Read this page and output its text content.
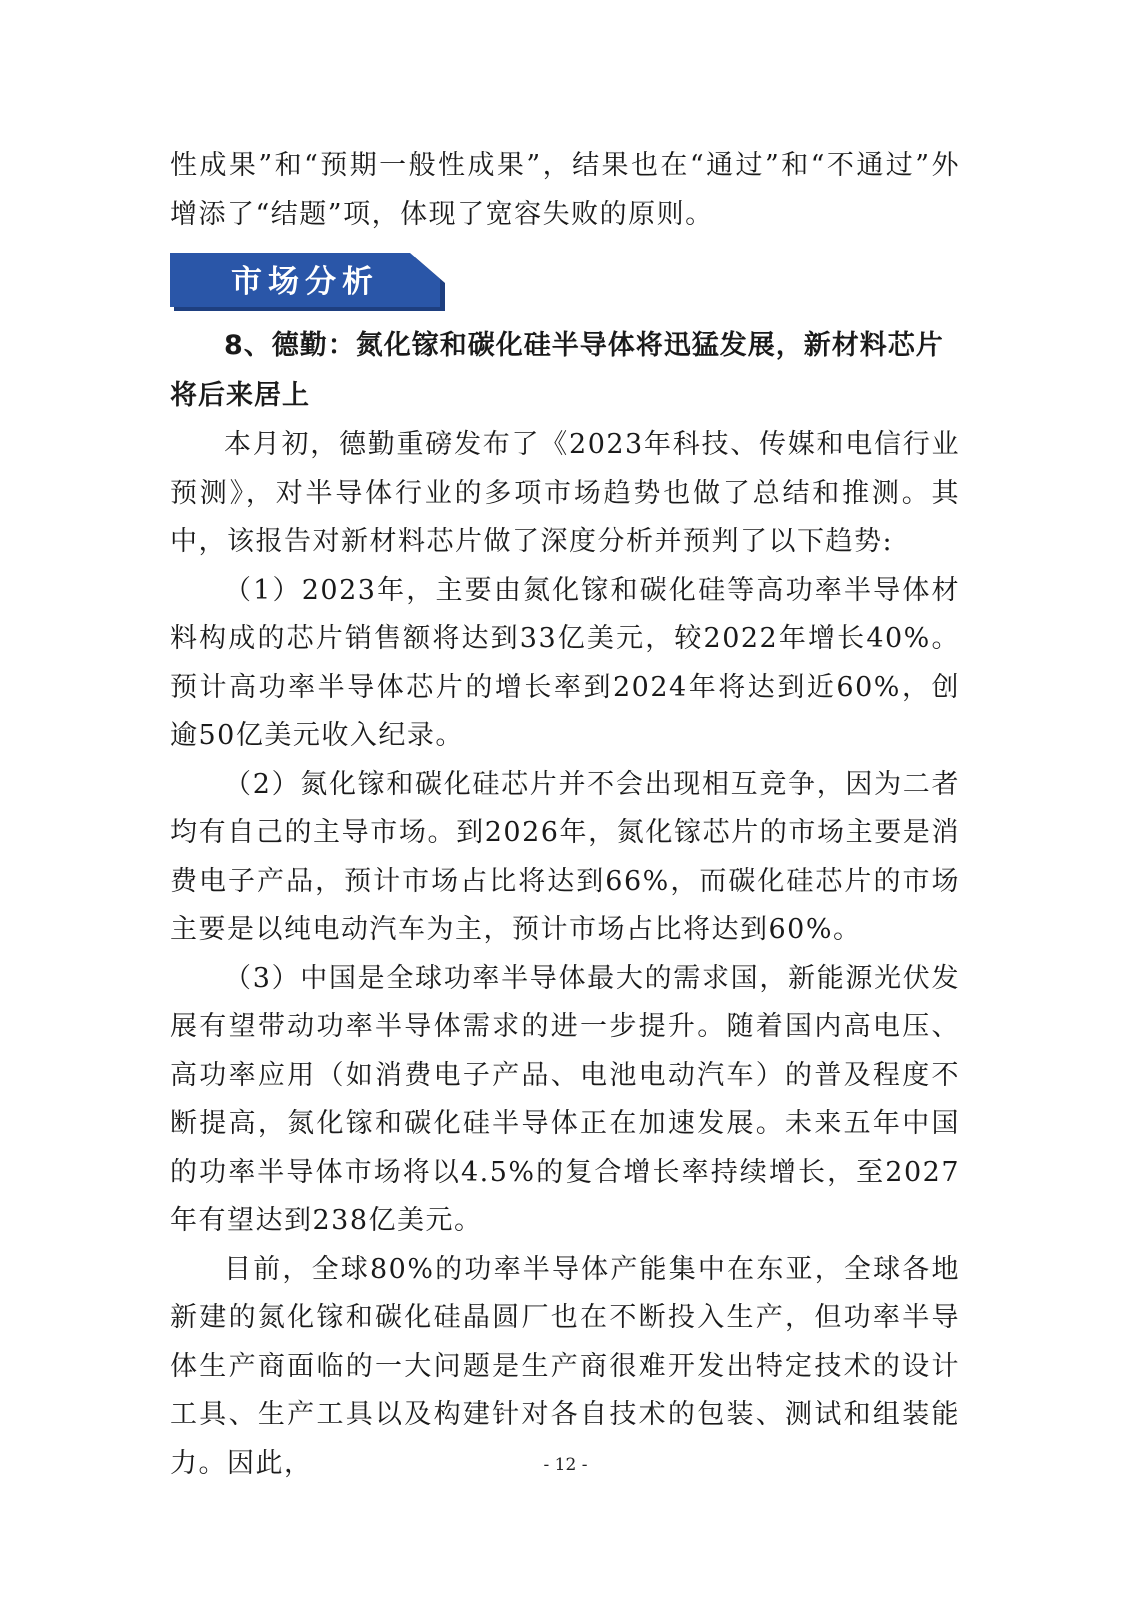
性成果”和“预期一般性成果”，结果也在“通过”和“不通过”外增添了“结题”项，体现了宽容失败的原则。

市场分析

8、德勤：氮化镓和碳化硅半导体将迅猛发展，新材料芯片将后来居上

本月初，德勤重磅发布了《2023年科技、传媒和电信行业预测》，对半导体行业的多项市场趋势也做了总结和推测。其中，该报告对新材料芯片做了深度分析并预判了以下趋势:

（1）2023年，主要由氮化镓和碳化硅等高功率半导体材料构成的芯片销售额将达到33亿美元，较2022年增长40%。预计高功率半导体芯片的增长率到2024年将达到近60%，创逾50亿美元收入纪录。

（2）氮化镓和碳化硅芯片并不会出现相互竞争，因为二者均有自己的主导市场。到2026年，氮化镓芯片的市场主要是消费电子产品，预计市场占比将达到66%，而碳化硅芯片的市场主要是以纯电动汽车为主，预计市场占比将达到60%。

（3）中国是全球功率半导体最大的需求国，新能源光伏发展有望带动功率半导体需求的进一步提升。随着国内高电压、高功率应用（如消费电子产品、电池电动汽车）的普及程度不断提高，氮化镓和碳化硅半导体正在加速发展。未来五年中国的功率半导体市场将以4.5%的复合增长率持续增长，至2027年有望达到238亿美元。

目前，全球80%的功率半导体产能集中在东亚，全球各地新建的氮化镓和碳化硅晶圆厂也在不断投入生产，但功率半导体生产商面临的一大问题是生产商很难开发出特定技术的设计工具、生产工具以及构建针对各自技术的包装、测试和组装能力。因此，	- 12 -
